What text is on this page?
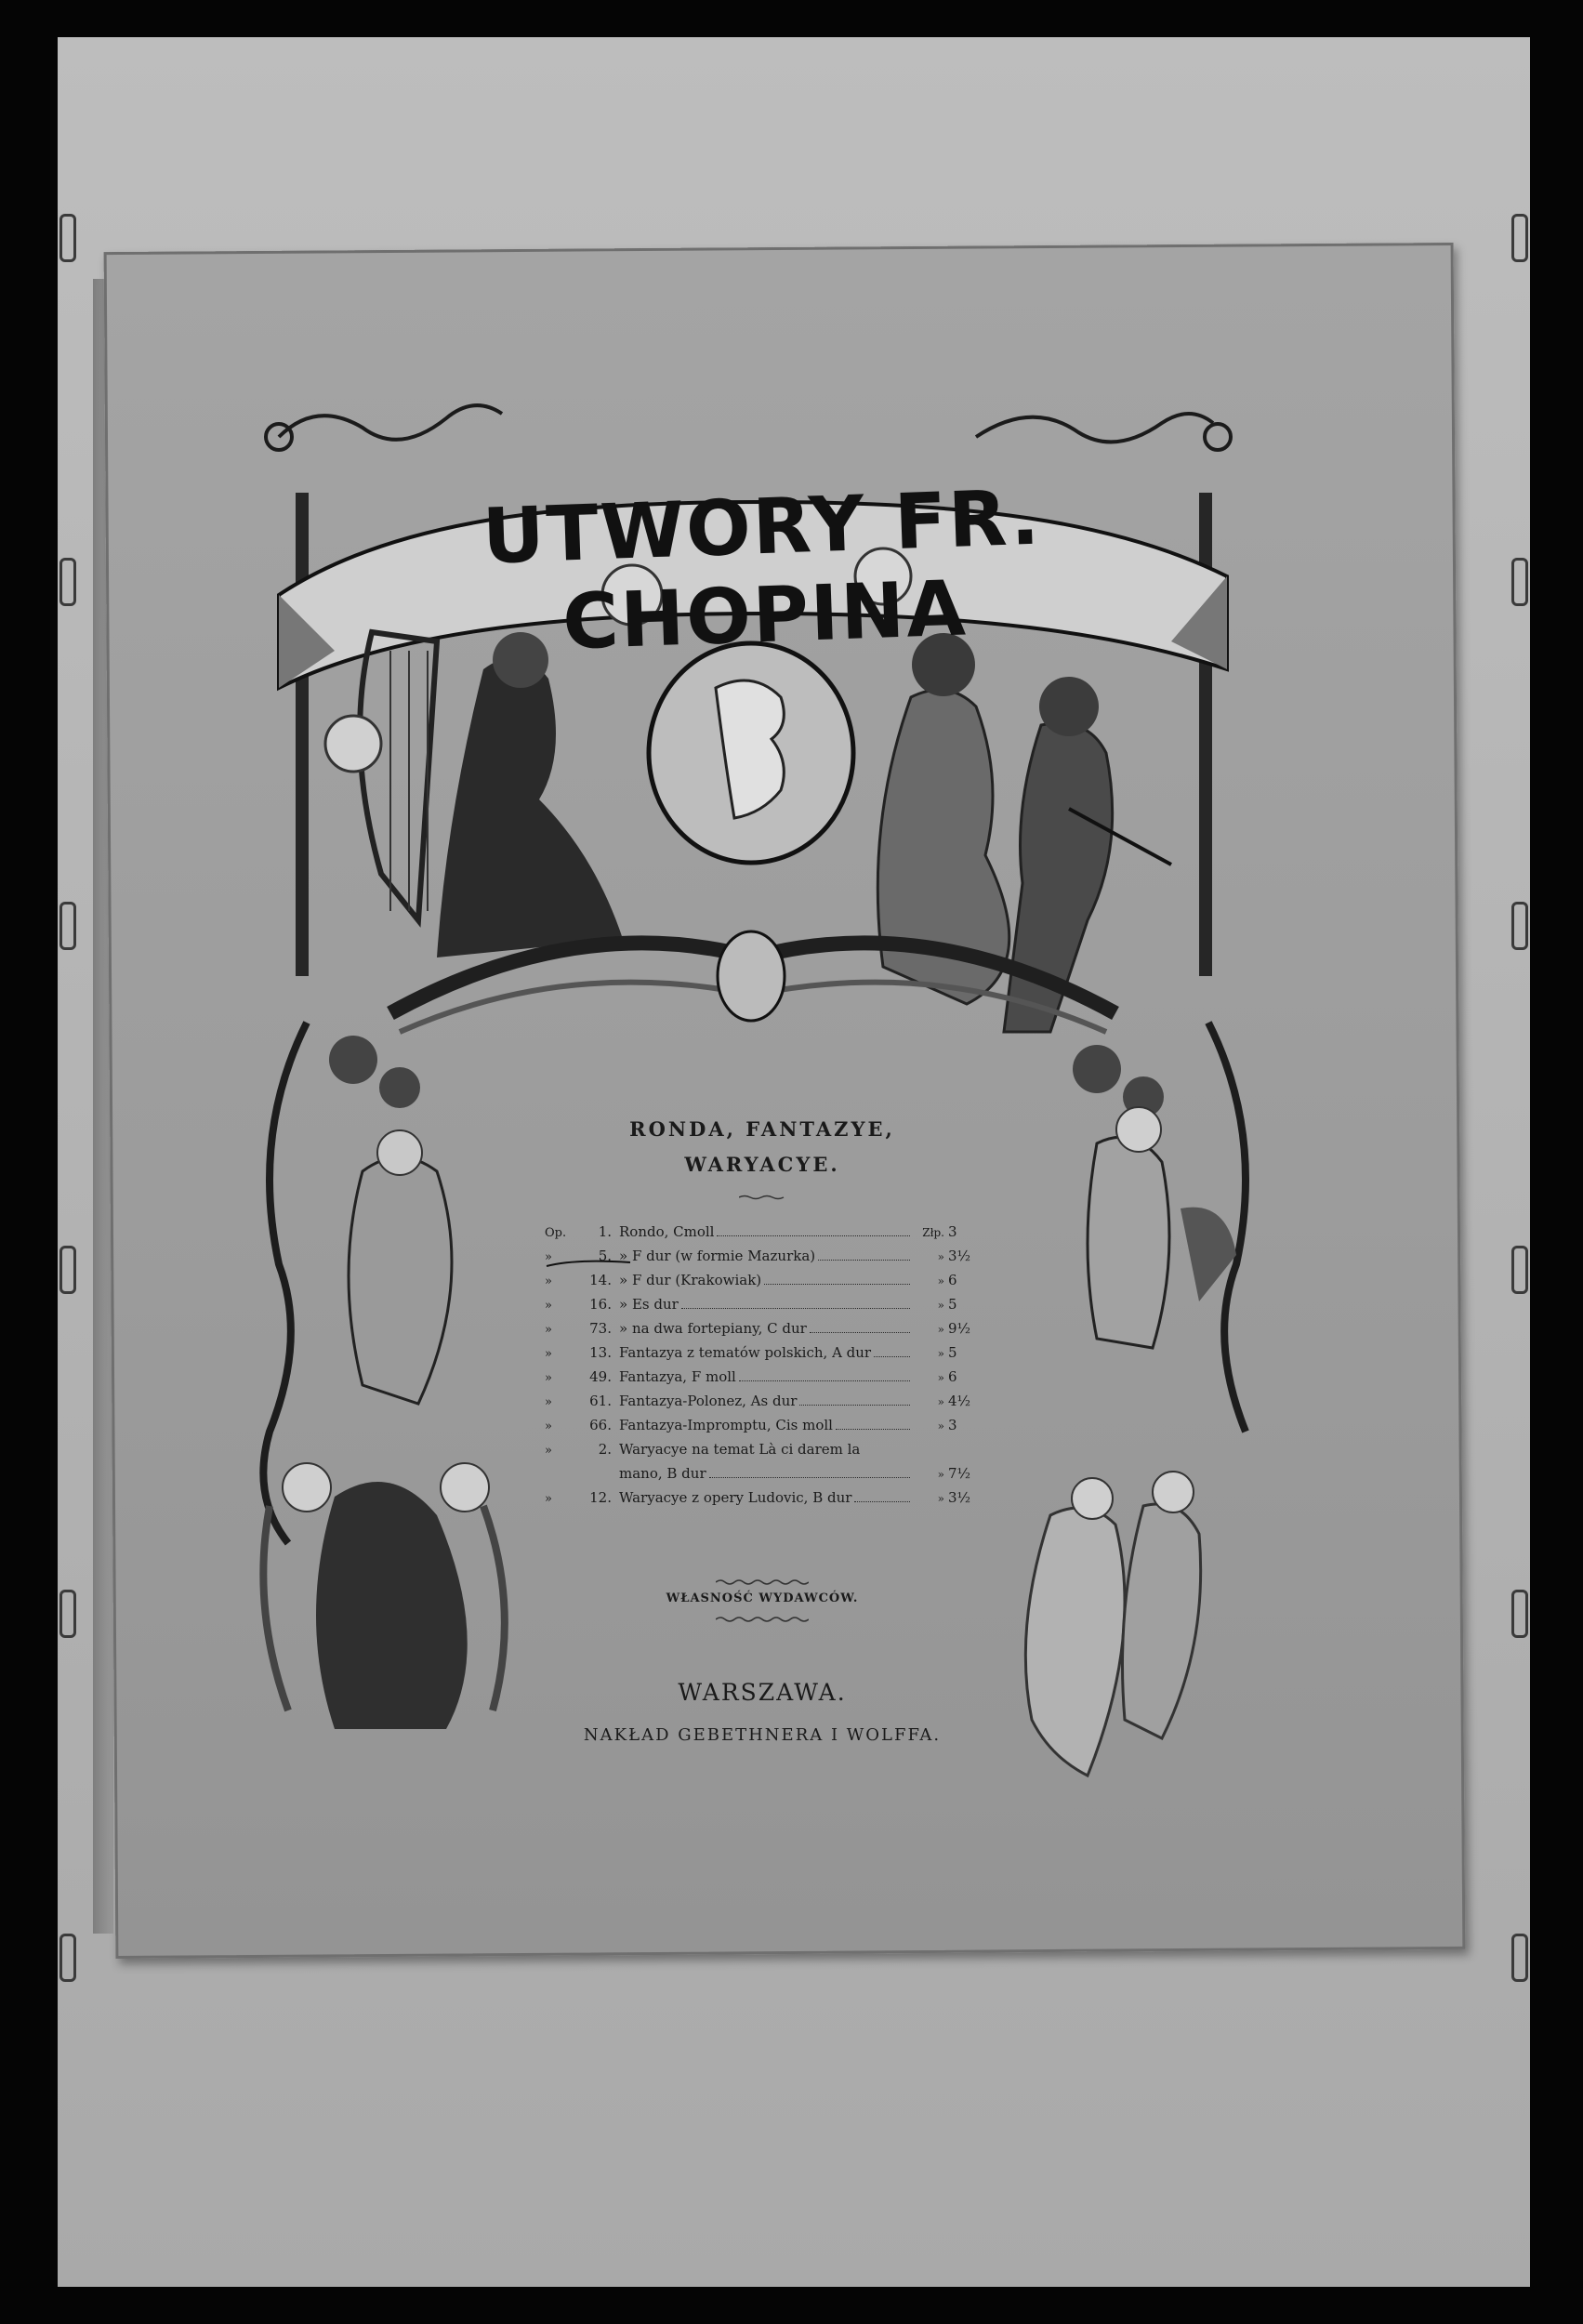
UTWORY FR. CHOPINA
RONDA, FANTAZYE,
WARYACYE.
Op.	1. Rondo, Cmoll	Złp. 3
»	5. » F dur (w formie Mazurka)	» 3½
»	14. » F dur (Krakowiak)	» 6
»	16. » Es dur	» 5
»	73. » na dwa fortepiany, C dur	» 9½
»	13. Fantazya z tematów polskich, A dur	» 5
»	49. Fantazya, F moll	» 6
»	61. Fantazya-Polonez, As dur	» 4½
»	66. Fantazya-Impromptu, Cis moll	» 3
»	2. Waryacye na temat Là ci darem la
mano, B dur	» 7½
»	12. Waryacye z opery Ludovic, B dur	» 3½
WŁASNOŚĆ WYDAWCÓW.
WARSZAWA.
NAKŁAD GEBETHNERA I WOLFFA.
